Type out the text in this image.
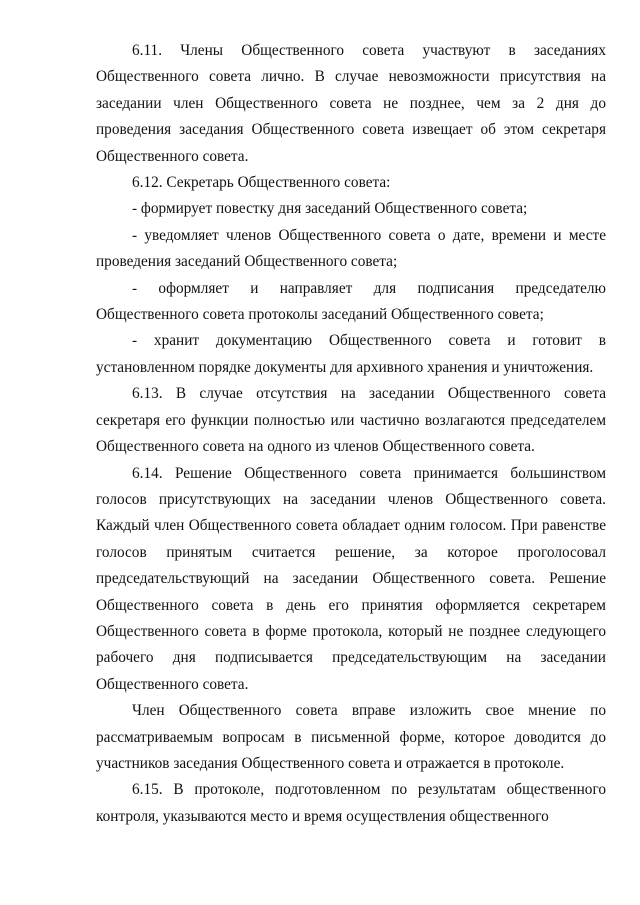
6.11. Члены Общественного совета участвуют в заседаниях Общественного совета лично. В случае невозможности присутствия на заседании член Общественного совета не позднее, чем за 2 дня до проведения заседания Общественного совета извещает об этом секретаря Общественного совета.

6.12. Секретарь Общественного совета:

- формирует повестку дня заседаний Общественного совета;

- уведомляет членов Общественного совета о дате, времени и месте проведения заседаний Общественного совета;

- оформляет и направляет для подписания председателю Общественного совета протоколы заседаний Общественного совета;

- хранит документацию Общественного совета и готовит в установленном порядке документы для архивного хранения и уничтожения.

6.13. В случае отсутствия на заседании Общественного совета секретаря его функции полностью или частично возлагаются председателем Общественного совета на одного из членов Общественного совета.

6.14. Решение Общественного совета принимается большинством голосов присутствующих на заседании членов Общественного совета. Каждый член Общественного совета обладает одним голосом. При равенстве голосов принятым считается решение, за которое проголосовал председательствующий на заседании Общественного совета. Решение Общественного совета в день его принятия оформляется секретарем Общественного совета в форме протокола, который не позднее следующего рабочего дня подписывается председательствующим на заседании Общественного совета.

Член Общественного совета вправе изложить свое мнение по рассматриваемым вопросам в письменной форме, которое доводится до участников заседания Общественного совета и отражается в протоколе.

6.15. В протоколе, подготовленном по результатам общественного контроля, указываются место и время осуществления общественного
